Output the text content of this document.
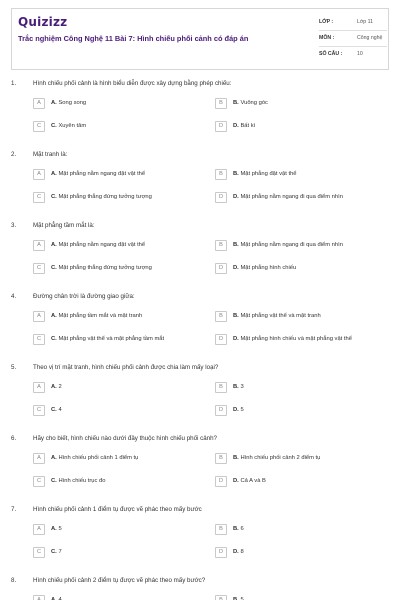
Quizizz
Trắc nghiệm Công Nghệ 11 Bài 7: Hình chiếu phối cảnh có đáp án
LỚP :	Lớp 11
MÔN :	Công nghệ
SỐ CÂU :	10
1.	Hình chiếu phối cảnh là hình biểu diễn được xây dựng bằng phép chiếu:
A	A. Song song	B	B. Vuông góc
C	C. Xuyên tâm	D	D. Bất kì
2.	Mặt tranh là:
A	A. Mặt phẳng nằm ngang đặt vật thể	B	B. Mặt phẳng đặt vật thể
C	C. Mặt phẳng thẳng đứng tưởng tượng	D	D. Mặt phẳng nằm ngang đi qua điểm nhìn
3.	Mặt phẳng tầm mắt là:
A	A. Mặt phẳng nằm ngang đặt vật thể	B	B. Mặt phẳng nằm ngang đi qua điểm nhìn
C	C. Mặt phẳng thẳng đứng tưởng tượng	D	D. Mặt phẳng hình chiếu
4.	Đường chân trời là đường giao giữa:
A	A. Mặt phẳng tầm mắt và mặt tranh	B	B. Mặt phẳng vật thể và mặt tranh
C	C. Mặt phẳng vật thể và mặt phẳng tầm mắt	D	D. Mặt phẳng hình chiếu và mặt phẳng vật thể
5.	Theo vị trí mặt tranh, hình chiếu phối cảnh được chia làm mấy loại?
A	A. 2	B	B. 3
C	C. 4	D	D. 5
6.	Hãy cho biết, hình chiếu nào dưới đây thuộc hình chiếu phối cảnh?
A	A. Hình chiếu phối cảnh 1 điểm tụ	B	B. Hình chiếu phối cảnh 2 điểm tụ
C	C. Hình chiếu trục đo	D	D. Cả A và B
7.	Hình chiếu phối cảnh 1 điểm tụ được vẽ phác theo mấy bước
A	A. 5	B	B. 6
C	C. 7	D	D. 8
8.	Hình chiếu phối cảnh 2 điểm tụ được vẽ phác theo mấy bước?
A	A. 4	B	B. 5
